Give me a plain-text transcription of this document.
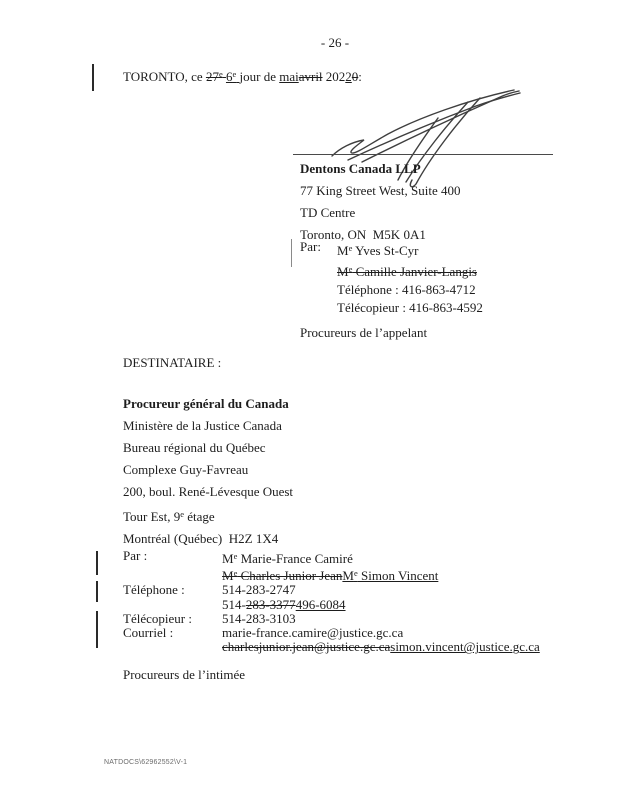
- 26 -
TORONTO, ce 27e 6e jour de maiavril 20220:
Dentons Canada LLP
77 King Street West, Suite 400
TD Centre
Toronto, ON  M5K 0A1
Par:	Me Yves St-Cyr
Me Camille Janvier-Langis
Téléphone : 416-863-4712
Télécopieur : 416-863-4592
Procureurs de l’appelant
DESTINATAIRE :
Procureur général du Canada
Ministère de la Justice Canada
Bureau régional du Québec
Complexe Guy-Favreau
200, boul. René-Lévesque Ouest
Tour Est, 9e étage
Montréal (Québec)  H2Z 1X4
Par :	Me Marie-France Camiré
Me Charles Junior JeanM$^e$ Simon Vincent
Téléphone :	514-283-2747
514-283-3377496-6084
Télécopieur :	514-283-3103
Courriel :	marie-france.camire@justice.gc.ca
charlesjunior.jean@justice.gc.casimon.vincent@justice.gc.ca
Procureurs de l’intimée
NATDOCS\62962552\V-1
